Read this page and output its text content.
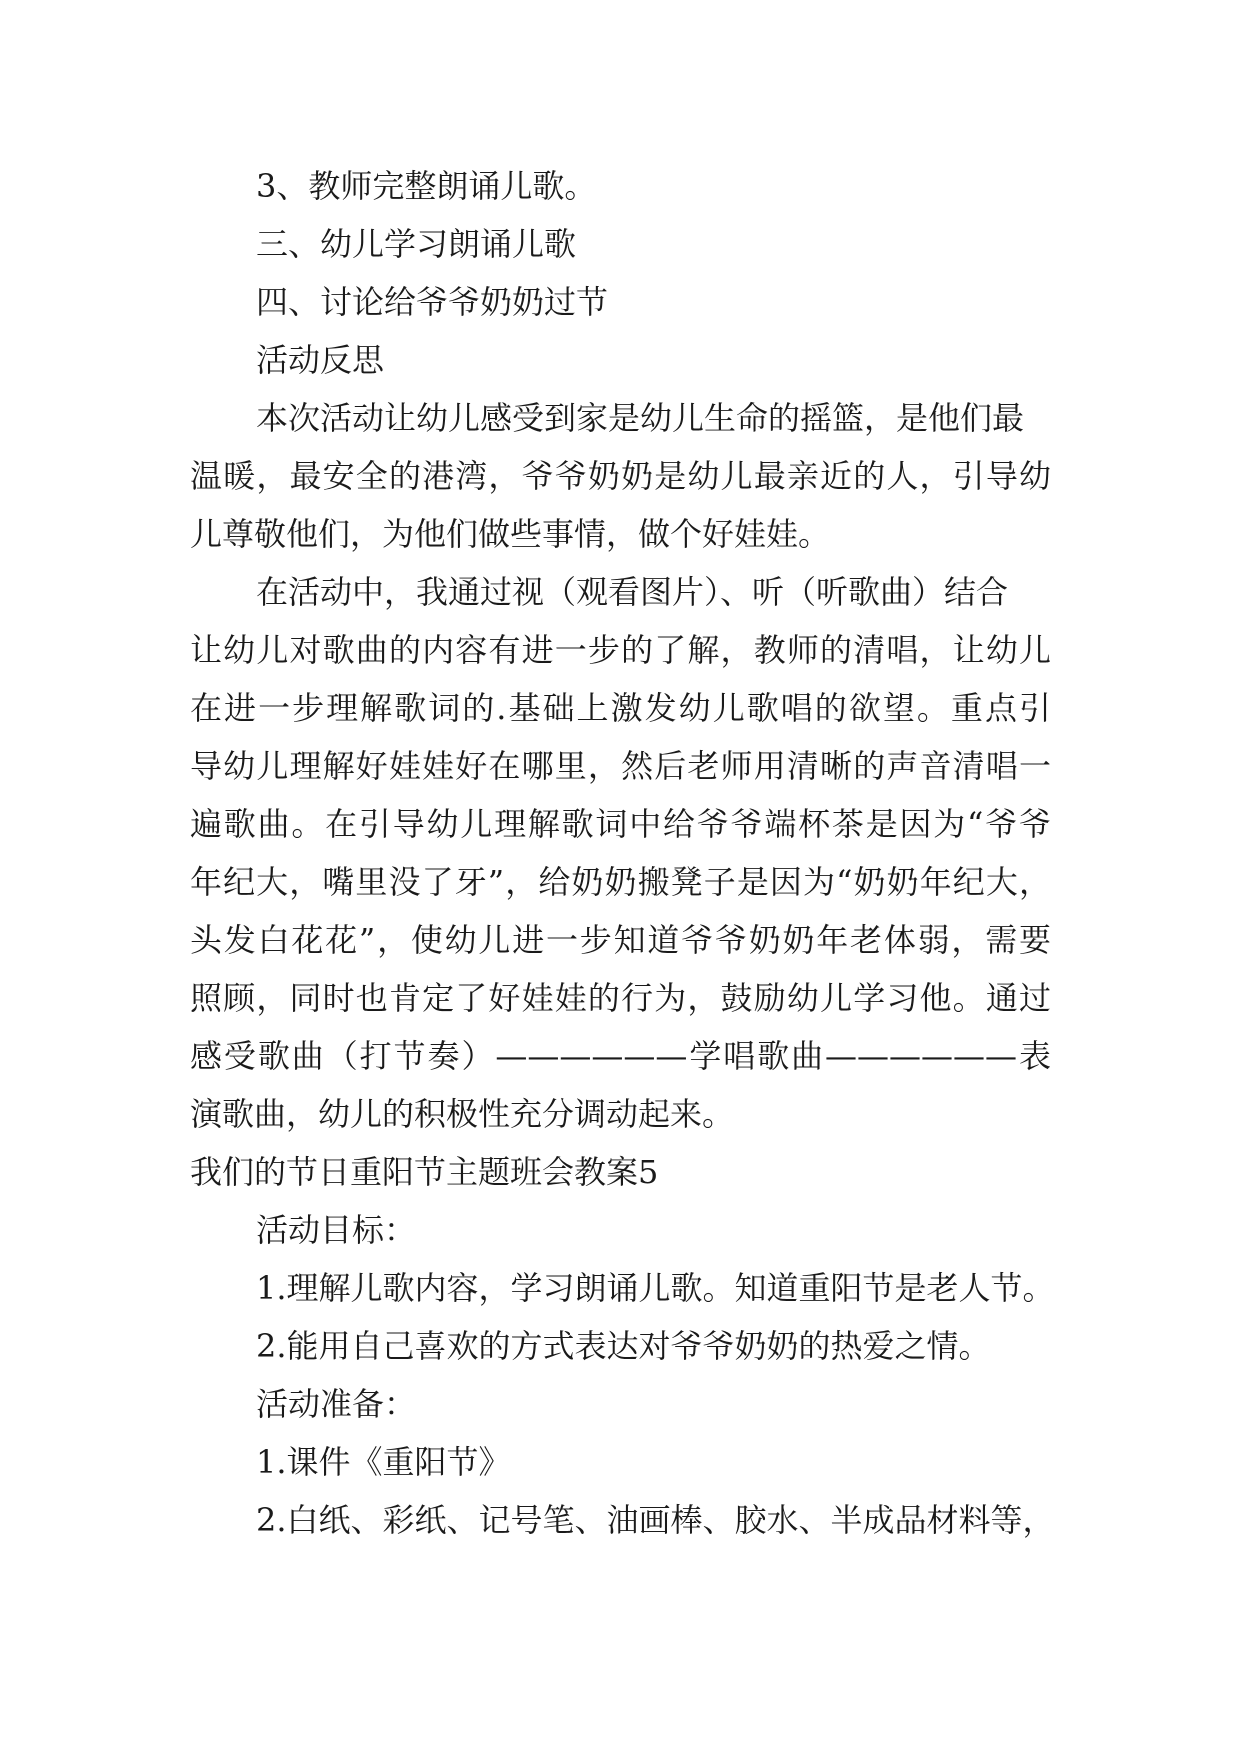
3、教师完整朗诵儿歌。

三、幼儿学习朗诵儿歌

四、讨论给爷爷奶奶过节

活动反思

本次活动让幼儿感受到家是幼儿生命的摇篮，是他们最

温暖，最安全的港湾，爷爷奶奶是幼儿最亲近的人，引导幼

儿尊敬他们，为他们做些事情，做个好娃娃。

在活动中，我通过视（观看图片）、听（听歌曲）结合

让幼儿对歌曲的内容有进一步的了解，教师的清唱，让幼儿

在进一步理解歌词的.基础上激发幼儿歌唱的欲望。重点引

导幼儿理解好娃娃好在哪里，然后老师用清晰的声音清唱一

遍歌曲。在引导幼儿理解歌词中给爷爷端杯茶是因为“爷爷

年纪大，嘴里没了牙”，给奶奶搬凳子是因为“奶奶年纪大，

头发白花花”，使幼儿进一步知道爷爷奶奶年老体弱，需要

照顾，同时也肯定了好娃娃的行为，鼓励幼儿学习他。通过

感受歌曲（打节奏）——————学唱歌曲——————表

演歌曲，幼儿的积极性充分调动起来。

我们的节日重阳节主题班会教案5

活动目标：

1.理解儿歌内容，学习朗诵儿歌。知道重阳节是老人节。

2.能用自己喜欢的方式表达对爷爷奶奶的热爱之情。

活动准备：

1.课件《重阳节》

2.白纸、彩纸、记号笔、油画棒、胶水、半成品材料等，
